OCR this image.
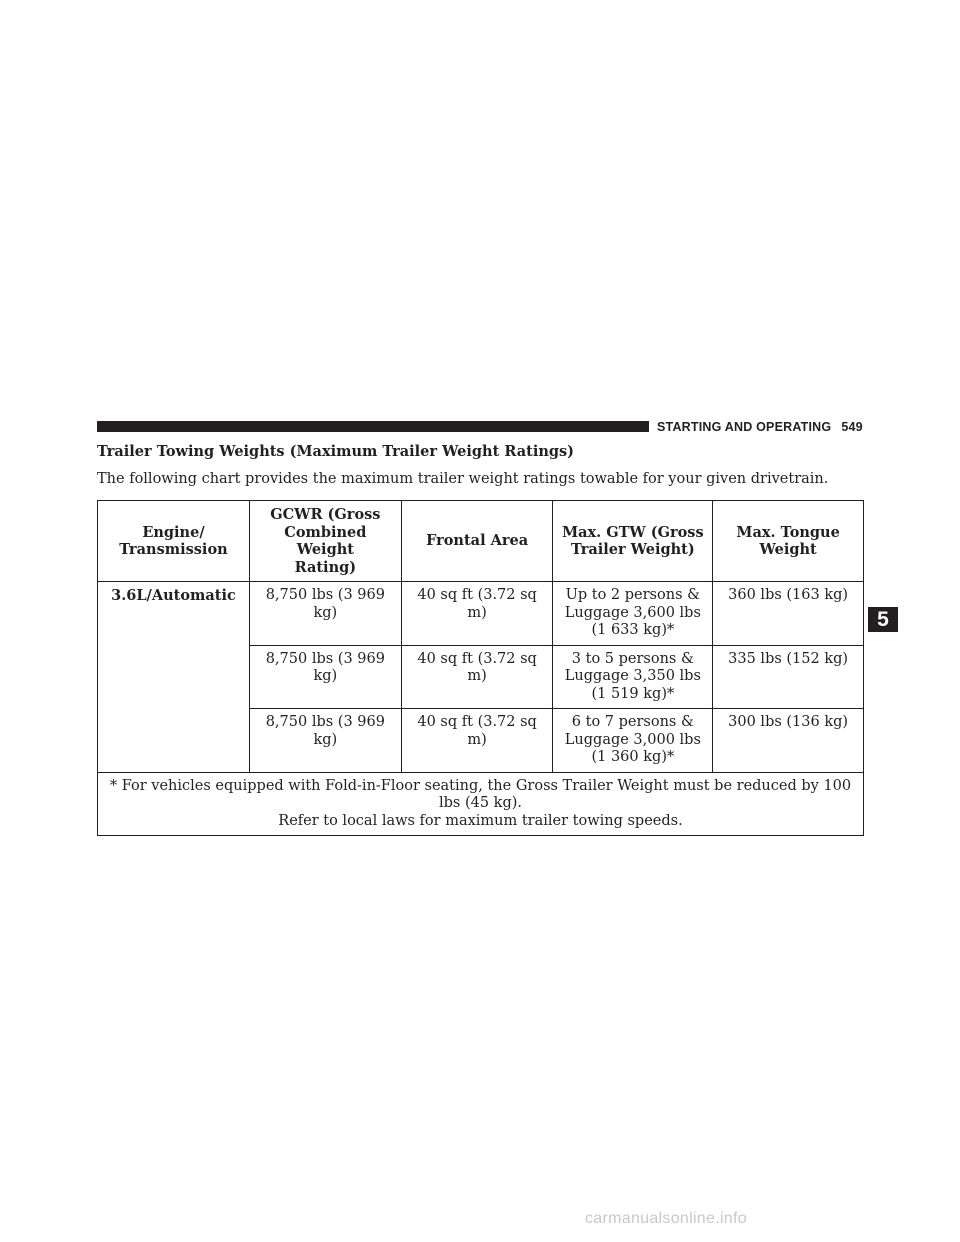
STARTING AND OPERATING 549
Trailer Towing Weights (Maximum Trailer Weight Ratings)
The following chart provides the maximum trailer weight ratings towable for your given drivetrain.
Engine/
Transmission	GCWR (Gross
Combined Weight
Rating)	Frontal Area	Max. GTW (Gross
Trailer Weight)	Max. Tongue
Weight

3.6L/Automatic	8,750 lbs (3 969 kg)	40 sq ft (3.72 sq m)	Up to 2 persons &
Luggage 3,600 lbs
(1 633 kg)*	360 lbs (163 kg)
	8,750 lbs (3 969 kg)	40 sq ft (3.72 sq m)	3 to 5 persons &
Luggage 3,350 lbs
(1 519 kg)*	335 lbs (152 kg)
	8,750 lbs (3 969 kg)	40 sq ft (3.72 sq m)	6 to 7 persons &
Luggage 3,000 lbs
(1 360 kg)*	300 lbs (136 kg)

* For vehicles equipped with Fold-in-Floor seating, the Gross Trailer Weight must be reduced by 100 lbs (45 kg).
Refer to local laws for maximum trailer towing speeds.				
5
carmanualsonline.info
